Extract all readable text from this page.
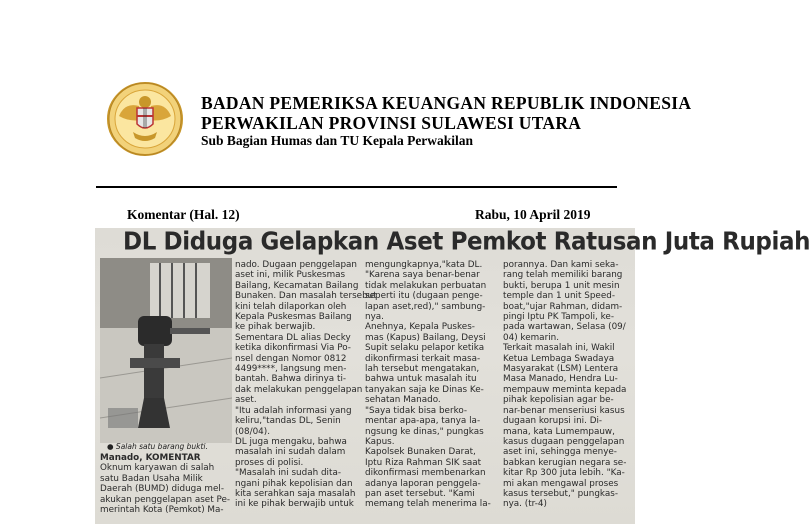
BADAN PEMERIKSA KEUANGAN REPUBLIK INDONESIA
PERWAKILAN PROVINSI SULAWESI UTARA
Sub Bagian Humas dan TU Kepala Perwakilan
Komentar (Hal. 12)	Rabu, 10 April 2019
DL Diduga Gelapkan Aset Pemkot Ratusan Juta Rupiah
● Salah satu barang bukti.
Manado, KOMENTAR
Oknum karyawan di salah
satu Badan Usaha Milik
Daerah (BUMD) diduga mel-
akukan penggelapan aset Pe-
merintah Kota (Pemkot) Ma-
nado. Dugaan penggelapan
aset ini, milik Puskesmas
Bailang, Kecamatan Bailang
Bunaken. Dan masalah tersebut
kini telah dilaporkan oleh
Kepala Puskesmas Bailang
ke pihak berwajib.
Sementara DL alias Decky
ketika dikonfirmasi Via Po-
nsel dengan Nomor 0812
4499****, langsung men-
bantah. Bahwa dirinya ti-
dak melakukan penggelapan
aset.
"Itu adalah informasi yang
keliru,"tandas DL, Senin
(08/04).
DL juga mengaku, bahwa
masalah ini sudah dalam
proses di polisi.
"Masalah ini sudah dita-
ngani pihak kepolisian dan
kita serahkan saja masalah
ini ke pihak berwajib untuk
mengungkapnya,"kata DL.
"Karena saya benar-benar
tidak melakukan perbuatan
seperti itu (dugaan penge-
lapan aset,red)," sambung-
nya.
Anehnya, Kepala Puskes-
mas (Kapus) Bailang, Deysi
Supit selaku pelapor ketika
dikonfirmasi terkait masa-
lah tersebut mengatakan,
bahwa untuk masalah itu
tanyakan saja ke Dinas Ke-
sehatan Manado.
"Saya tidak bisa berko-
mentar apa-apa, tanya la-
ngsung ke dinas," pungkas
Kapus.
Kapolsek Bunaken Darat,
Iptu Riza Rahman SIK saat
dikonfirmasi membenarkan
adanya laporan penggela-
pan aset tersebut. "Kami
memang telah menerima la-
porannya. Dan kami seka-
rang telah memiliki barang
bukti, berupa 1 unit mesin
temple dan 1 unit Speed-
boat,"ujar Rahman, didam-
pingi Iptu PK Tampoli, ke-
pada wartawan, Selasa (09/
04) kemarin.
Terkait masalah ini, Wakil
Ketua Lembaga Swadaya
Masyarakat (LSM) Lentera
Masa Manado, Hendra Lu-
mempauw meminta kepada
pihak kepolisian agar be-
nar-benar menseriusi kasus
dugaan korupsi ini. Di-
mana, kata Lumempauw,
kasus dugaan penggelapan
aset ini, sehingga menye-
babkan kerugian negara se-
kitar Rp 300 juta lebih. "Ka-
mi akan mengawal proses
kasus tersebut," pungkas-
nya. (tr-4)
